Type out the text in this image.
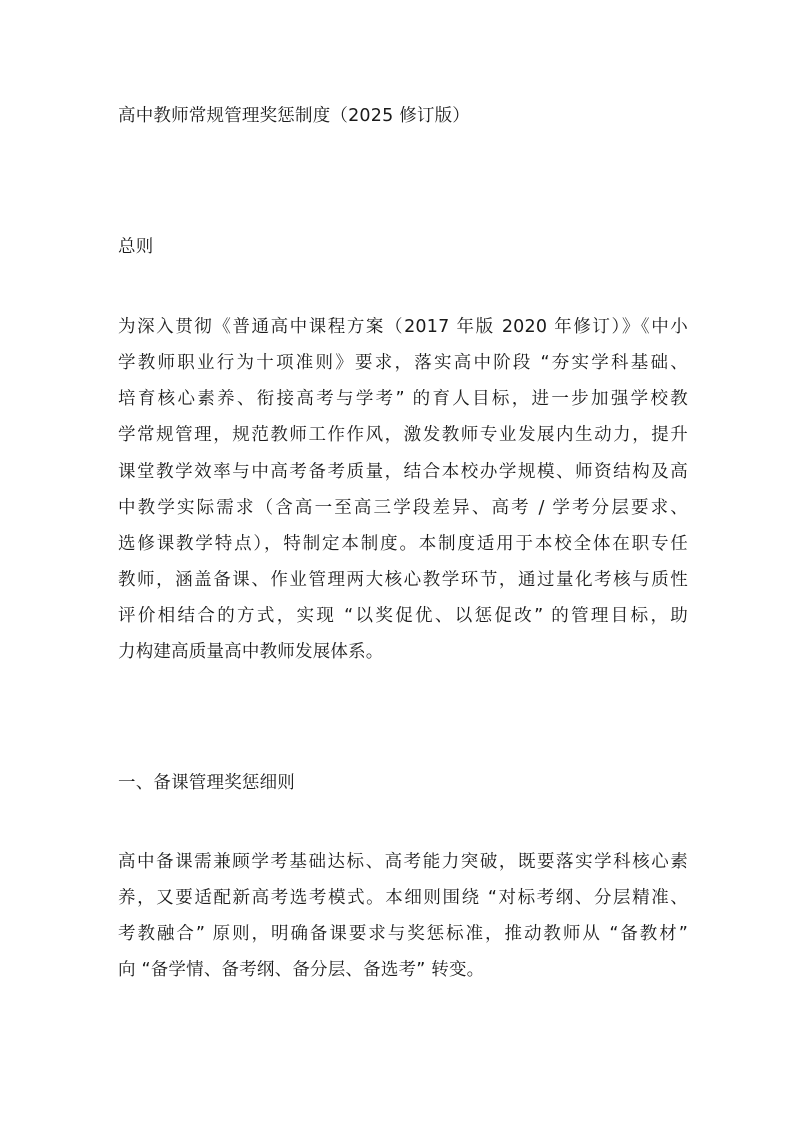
高中教师常规管理奖惩制度（2025 修订版）
总则
为深入贯彻《普通高中课程方案（2017 年版 2020 年修订）》《中小
学教师职业行为十项准则》要求，落实高中阶段 “夯实学科基础、
培育核心素养、衔接高考与学考” 的育人目标，进一步加强学校教
学常规管理，规范教师工作作风，激发教师专业发展内生动力，提升
课堂教学效率与中高考备考质量，结合本校办学规模、师资结构及高
中教学实际需求（含高一至高三学段差异、高考 / 学考分层要求、
选修课教学特点），特制定本制度。本制度适用于本校全体在职专任
教师，涵盖备课、作业管理两大核心教学环节，通过量化考核与质性
评价相结合的方式，实现 “以奖促优、以惩促改” 的管理目标，助
力构建高质量高中教师发展体系。
一、备课管理奖惩细则
高中备课需兼顾学考基础达标、高考能力突破，既要落实学科核心素
养，又要适配新高考选考模式。本细则围绕 “对标考纲、分层精准、
考教融合” 原则，明确备课要求与奖惩标准，推动教师从 “备教材”
向 “备学情、备考纲、备分层、备选考” 转变。
